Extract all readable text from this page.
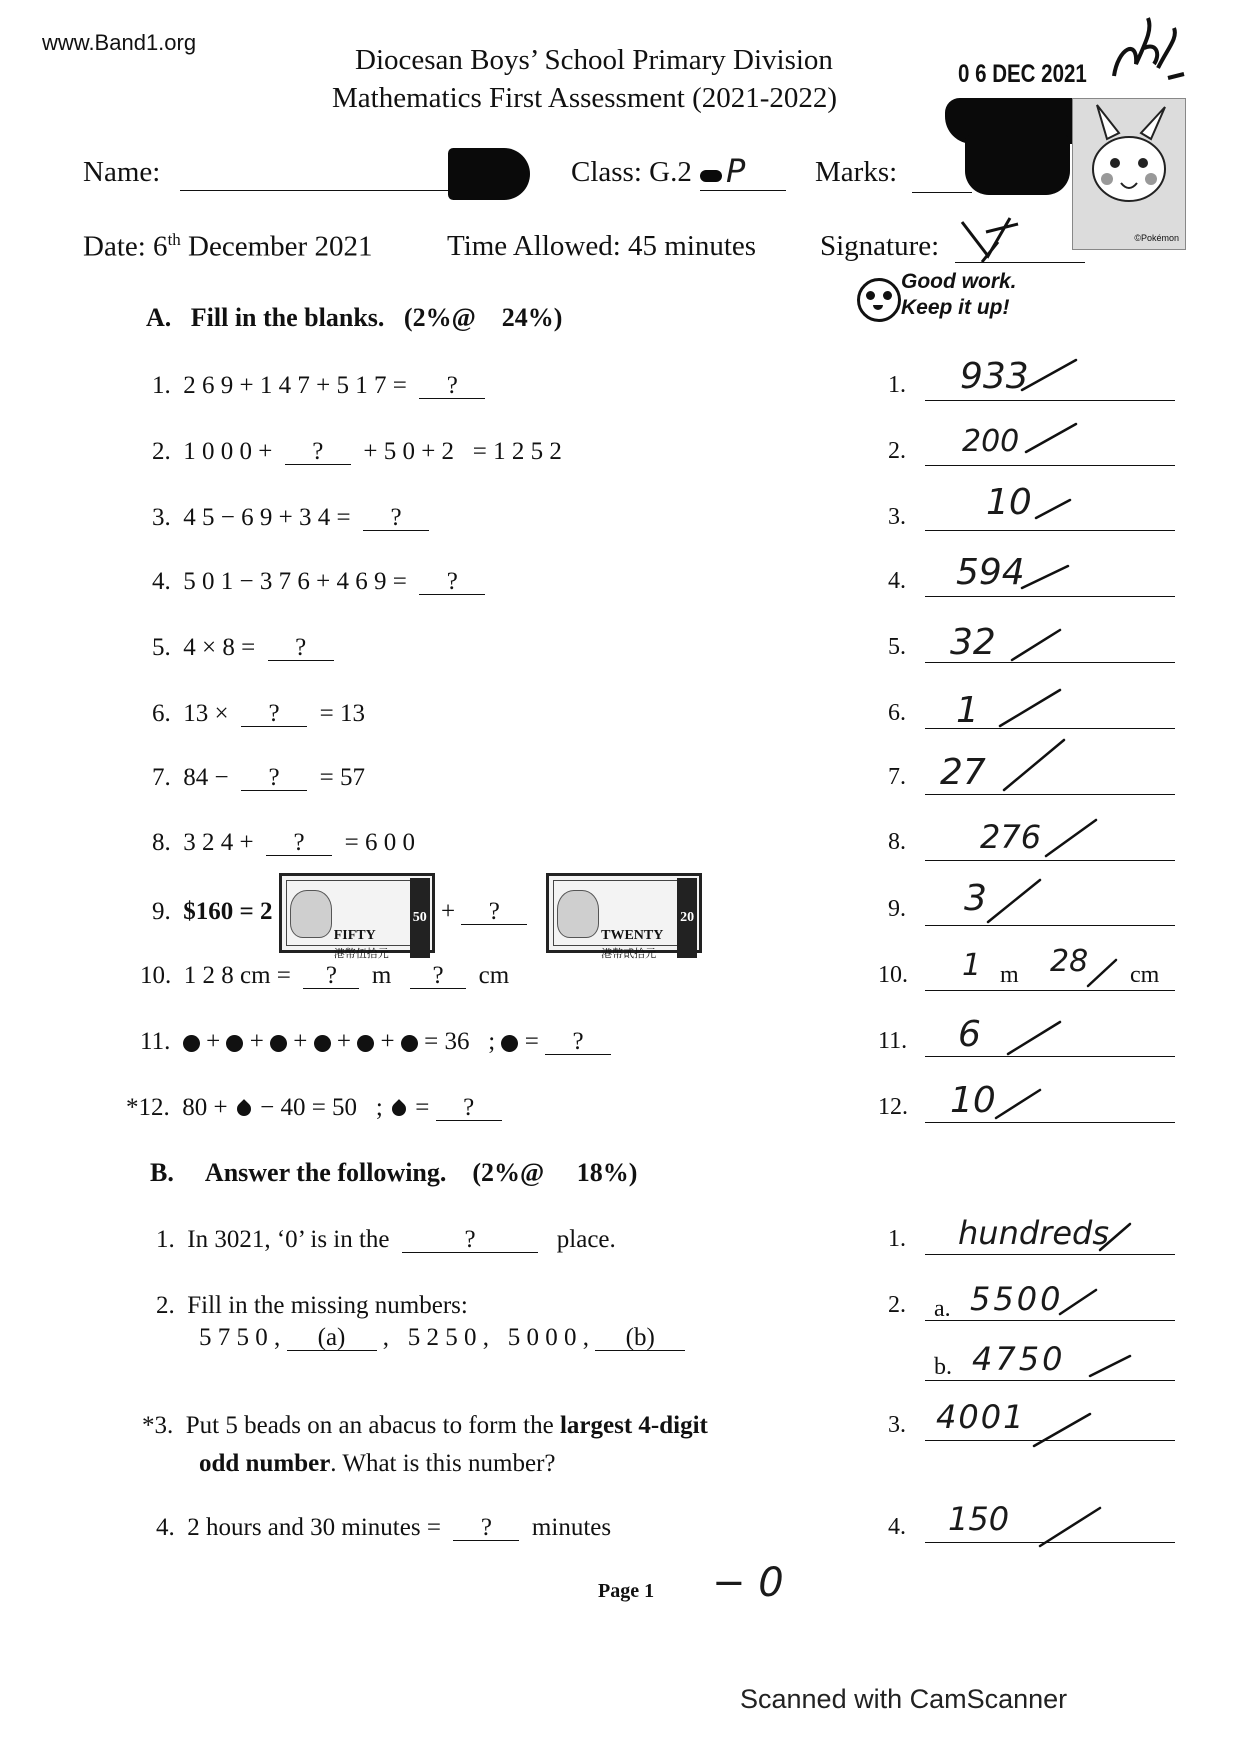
www.Band1.org
Diocesan Boys’ School Primary Division
Mathematics First Assessment (2021-2022)
0 6 DEC 2021
©Pokémon
Name:	Class: G.2 P Marks:
Date: 6th December 2021	Time Allowed: 45 minutes Signature:
Good work.
Keep it up!
A. Fill in the blanks. (2%@ 24%)
1. 2 6 9 + 1 4 7 + 5 1 7 = ?
2. 1 0 0 0 + ? + 5 0 + 2   = 1 2 5 2
3. 4 5 − 6 9 + 3 4 = ?
4. 5 0 1 − 3 7 6 + 4 6 9 = ?
5. 4 × 8 = ?
6. 13 × ? = 13
7. 84 − ? = 57
8. 3 2 4 + ? = 6 0 0
9. $160 = 2	50
FIFTY
港幣伍拾元
+ ?	20
TWENTY
港幣貳拾元
10. 1 2 8 cm = ? m ? cm
11. + + + + + = 36 ; = ?
*12. 80 + − 40 = 50 ; = ?
B. Answer the following. (2%@ 18%)
1. In 3021, ‘0’ is in the	?	place.
2. Fill in the missing numbers:
5 7 5 0 , (a) ,   5 2 5 0 ,   5 0 0 0 , (b)
*3. Put 5 beads on an abacus to form the largest 4-digit
odd number. What is this number?
4. 2 hours and 30 minutes = ? minutes
1. 933
2. 200
3. 10
4. 594
5. 32
6. 1
7. 27
8. 276
9. 3
10. 1 m 28 cm
11. 6
12. 10
1. hundreds
2. a. 5500
b. 4750
3. 4001
4. 150
Page 1 − 0
Scanned with CamScanner
